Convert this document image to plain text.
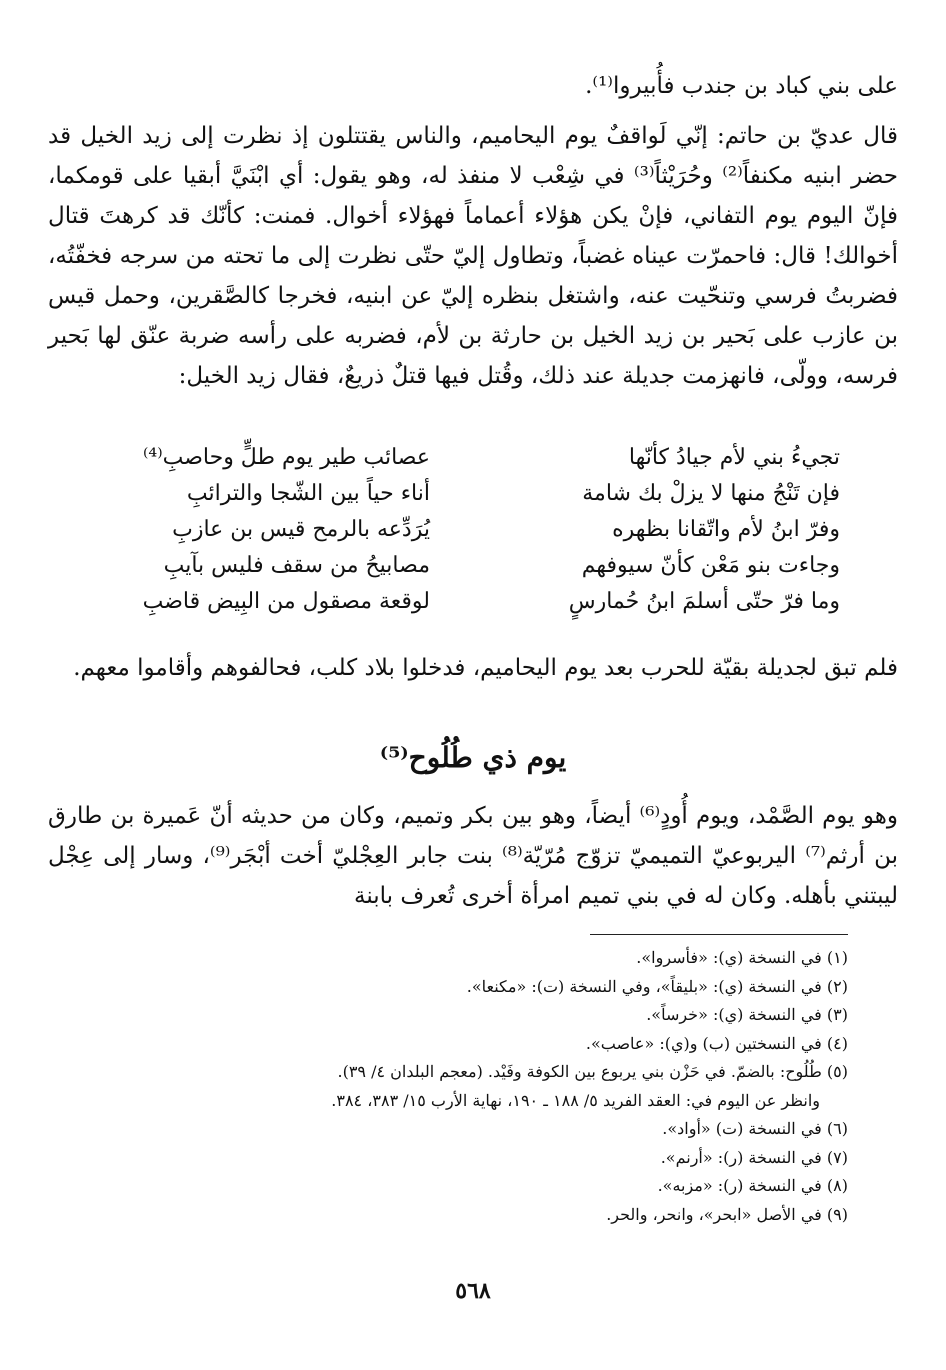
على بني كباد بن جندب فأُبيروا⁽¹⁾.

قال عديّ بن حاتم: إنّي لَواقفٌ يوم اليحاميم، والناس يقتتلون إذ نظرت إلى زيد الخيل قد حضر ابنيه مكنفاً⁽²⁾ وحُرَيْثاً⁽³⁾ في شِعْب لا منفذ له، وهو يقول: أي ابْنَيَّ أبقيا على قومكما، فإنّ اليوم يوم التفاني، فإنْ يكن هؤلاء أعماماً فهؤلاء أخوال. فمنت: كأنّك قد كرهتَ قتال أخوالك! قال: فاحمرّت عيناه غضباً، وتطاول إليّ حتّى نظرت إلى ما تحته من سرجه فخفّتُه، فضربتُ فرسي وتنحّيت عنه، واشتغل بنظره إليّ عن ابنيه، فخرجا كالصَّقرين، وحمل قيس بن عازب على بَحير بن زيد الخيل بن حارثة بن لأم، فضربه على رأسه ضربة عنّق لها بَحير فرسه، وولّى، فانهزمت جديلة عند ذلك، وقُتل فيها قتلٌ ذريعٌ، فقال زيد الخيل:

تجيءُ بني لأم جيادُ كأنّها
عصائب طير يوم طلٍّ وحاصبِ⁽⁴⁾
فإن تَنْجُ منها لا يزلْ بك شامة
أناء حياً بين الشّجا والترائبِ
وفرّ ابنُ لأم واتّقانا بظهره
يُرَدِّعه بالرمح قيس بن عازبِ
وجاءت بنو مَعْن كأنّ سيوفهم
مصابيحُ من سقف فليس بآيبِ
وما فرّ حتّى أسلمَ ابنُ حُمارسٍ
لوقعة مصقول من البِيض قاضبِ

فلم تبق لجديلة بقيّة للحرب بعد يوم اليحاميم، فدخلوا بلاد كلب، فحالفوهم وأقاموا معهم.

يوم ذي طُلُوح⁽⁵⁾

وهو يوم الصَّمْد، ويوم أُودٍ⁽⁶⁾ أيضاً، وهو بين بكر وتميم، وكان من حديثه أنّ عَميرة بن طارق بن أرثم⁽⁷⁾ اليربوعيّ التميميّ تزوّج مُرّيّة⁽⁸⁾ بنت جابر العِجْليّ أخت أبْجَر⁽⁹⁾، وسار إلى عِجْل ليبتني بأهله. وكان له في بني تميم امرأة أخرى تُعرف بابنة

(١) في النسخة (ي): «فأسروا».
(٢) في النسخة (ي): «بليقاً»، وفي النسخة (ت): «مكنعا».
(٣) في النسخة (ي): «خرساً».
(٤) في النسختين (ب) و(ي): «عاصب».
(٥) طُلُوح: بالضمّ. في حَزْن بني يربوع بين الكوفة وفَيْد. (معجم البلدان ٤/ ٣٩).
وانظر عن اليوم في: العقد الفريد ٥/ ١٨٨ ـ ١٩٠، نهاية الأرب ١٥/ ٣٨٣، ٣٨٤.
(٦) في النسخة (ت) «أواد».
(٧) في النسخة (ر): «أرنم».
(٨) في النسخة (ر): «مزبه».
(٩) في الأصل «ابحر»، وانحر، والحر.
٥٦٨
